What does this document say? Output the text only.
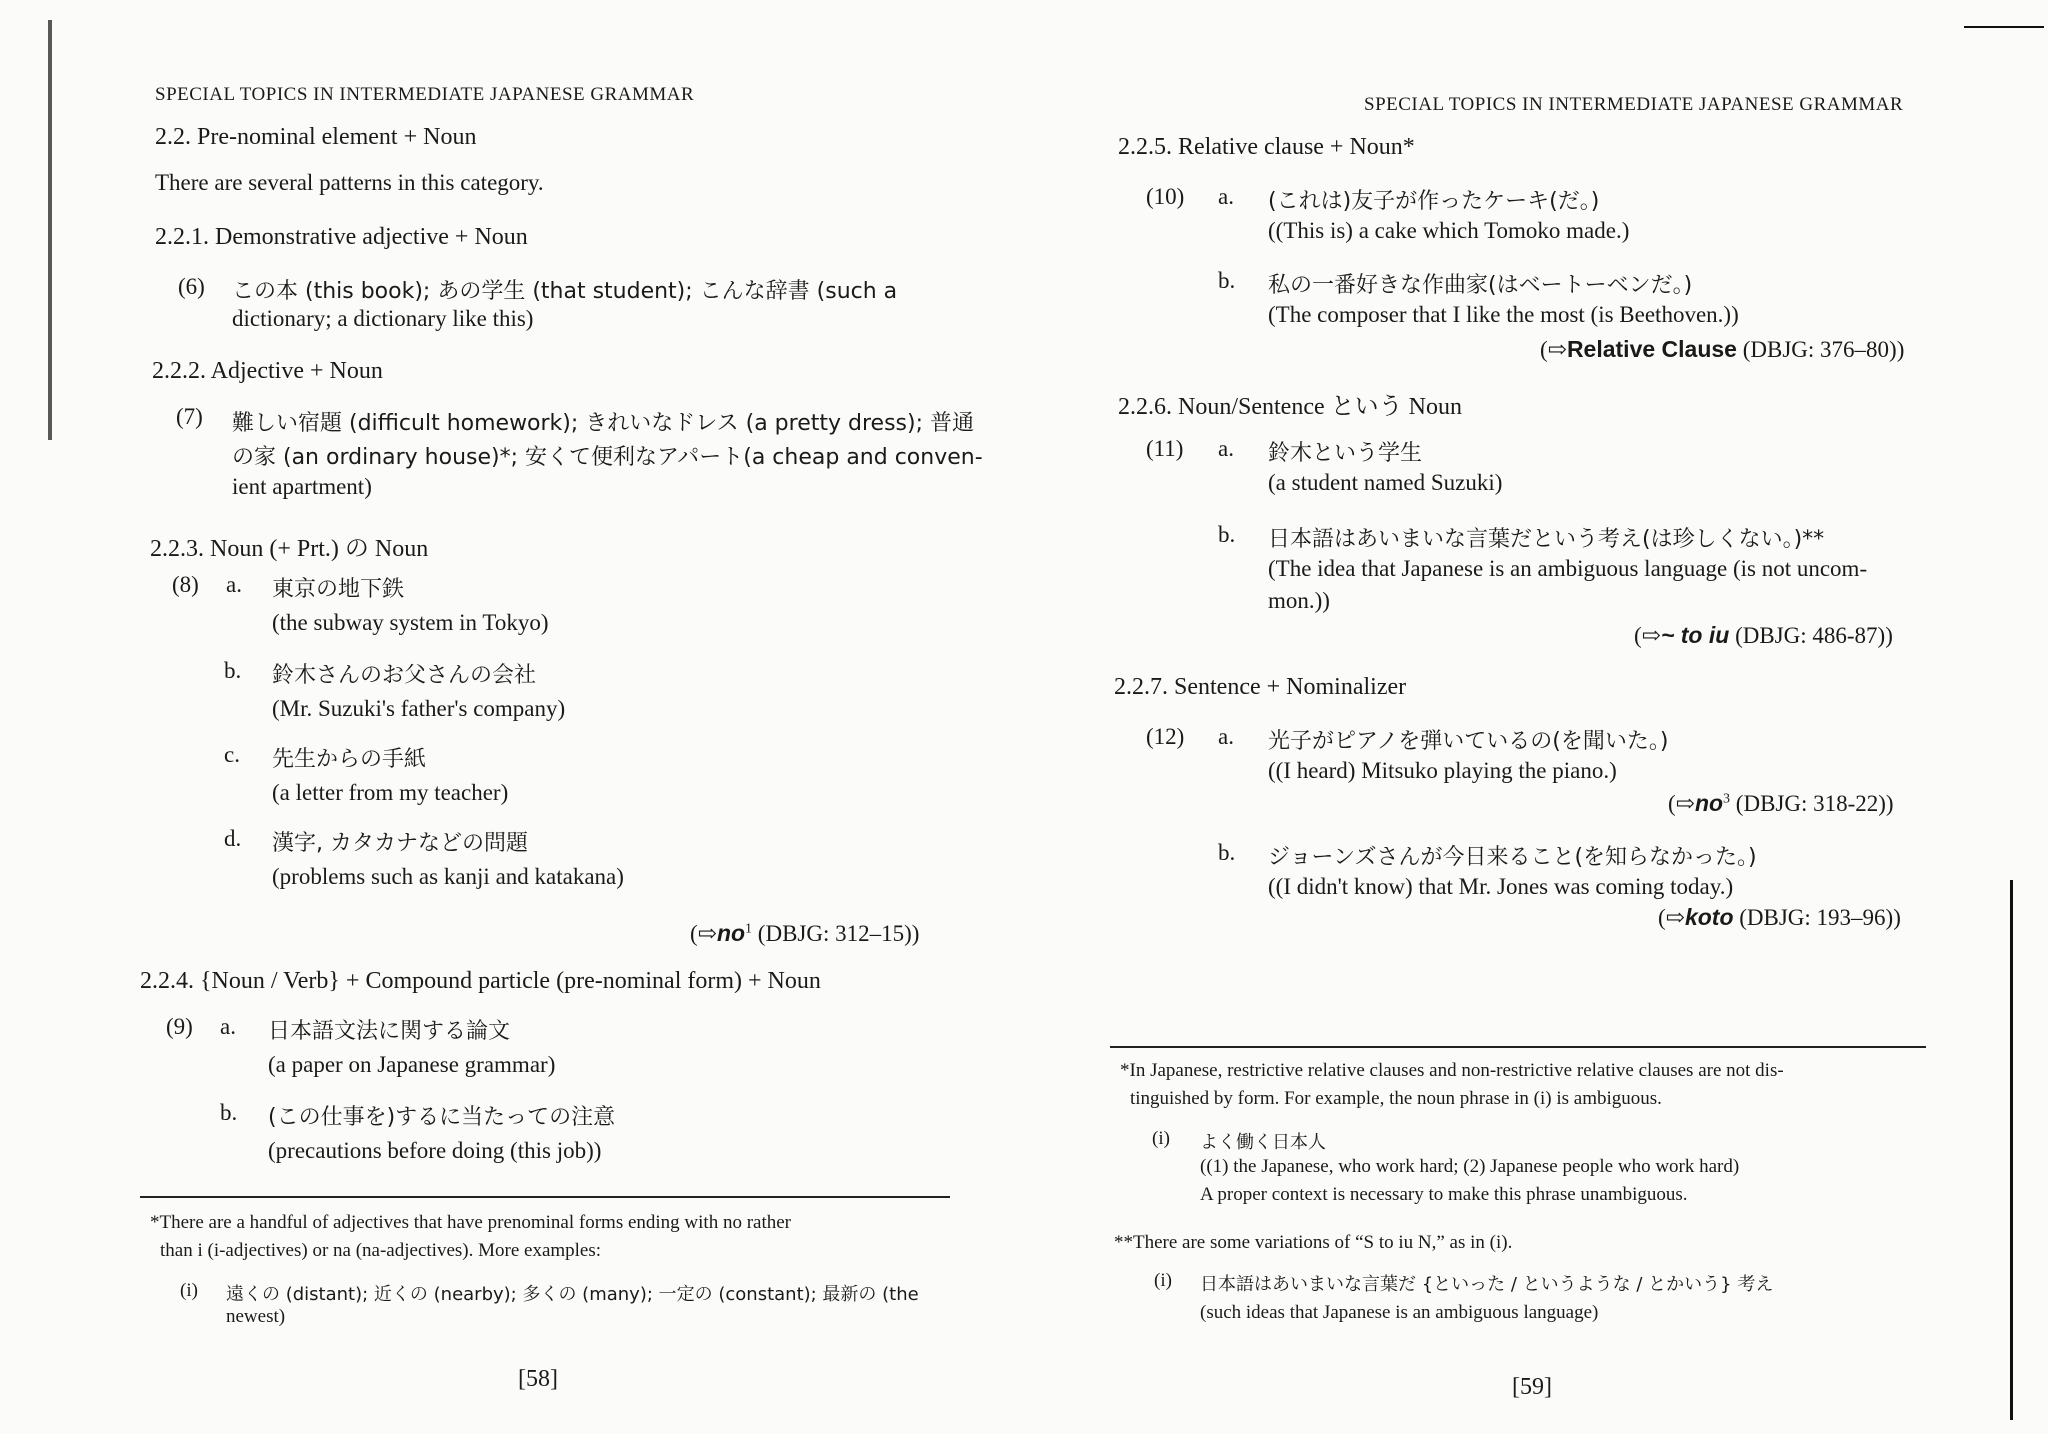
SPECIAL TOPICS IN INTERMEDIATE JAPANESE GRAMMAR
2.2. Pre-nominal element + Noun
There are several patterns in this category.
2.2.1. Demonstrative adjective + Noun
(6) この本 (this book); あの学生 (that student); こんな辞書 (such a
dictionary; a dictionary like this)
2.2.2. Adjective + Noun
(7) 難しい宿題 (difficult homework); きれいなドレス (a pretty dress); 普通
の家 (an ordinary house)*; 安くて便利なアパート(a cheap and conven-
ient apartment)
2.2.3. Noun (+ Prt.) の Noun
(8) a. 東京の地下鉄
(the subway system in Tokyo)
b. 鈴木さんのお父さんの会社
(Mr. Suzuki's father's company)
c. 先生からの手紙
(a letter from my teacher)
d. 漢字, カタカナなどの問題
(problems such as kanji and katakana)
($⇨no^1$ (DBJG: 312–15))
2.2.4. {Noun / Verb} + Compound particle (pre-nominal form) + Noun
(9) a. 日本語文法に関する論文
(a paper on Japanese grammar)
b. (この仕事を)するに当たっての注意
(precautions before doing (this job))
*There are a handful of adjectives that have prenominal forms ending with no rather
than i (i-adjectives) or na (na-adjectives). More examples:
(i) 遠くの (distant); 近くの (nearby); 多くの (many); 一定の (constant); 最新の (the
newest)
[58]
SPECIAL TOPICS IN INTERMEDIATE JAPANESE GRAMMAR
2.2.5. Relative clause + Noun*
(10) a. (これは)友子が作ったケーキ(だ。)
((This is) a cake which Tomoko made.)
b. 私の一番好きな作曲家(はベートーベンだ。)
(The composer that I like the most (is Beethoven.))
(⇨Relative Clause (DBJG: 376–80))
2.2.6. Noun/Sentence という Noun
(11) a. 鈴木という学生
(a student named Suzuki)
b. 日本語はあいまいな言葉だという考え(は珍しくない。)**
(The idea that Japanese is an ambiguous language (is not uncom-
mon.))
(⇨~ to iu (DBJG: 486-87))
2.2.7. Sentence + Nominalizer
(12) a. 光子がピアノを弾いているの(を聞いた。)
((I heard) Mitsuko playing the piano.)
($⇨no^3$ (DBJG: 318-22))
b. ジョーンズさんが今日来ること(を知らなかった。)
((I didn't know) that Mr. Jones was coming today.)
(⇨koto (DBJG: 193–96))
*In Japanese, restrictive relative clauses and non-restrictive relative clauses are not dis-
tinguished by form. For example, the noun phrase in (i) is ambiguous.
(i) よく働く日本人
((1) the Japanese, who work hard; (2) Japanese people who work hard)
A proper context is necessary to make this phrase unambiguous.
**There are some variations of “S to iu N,” as in (i).
(i) 日本語はあいまいな言葉だ {といった / というような / とかいう} 考え
(such ideas that Japanese is an ambiguous language)
[59]
